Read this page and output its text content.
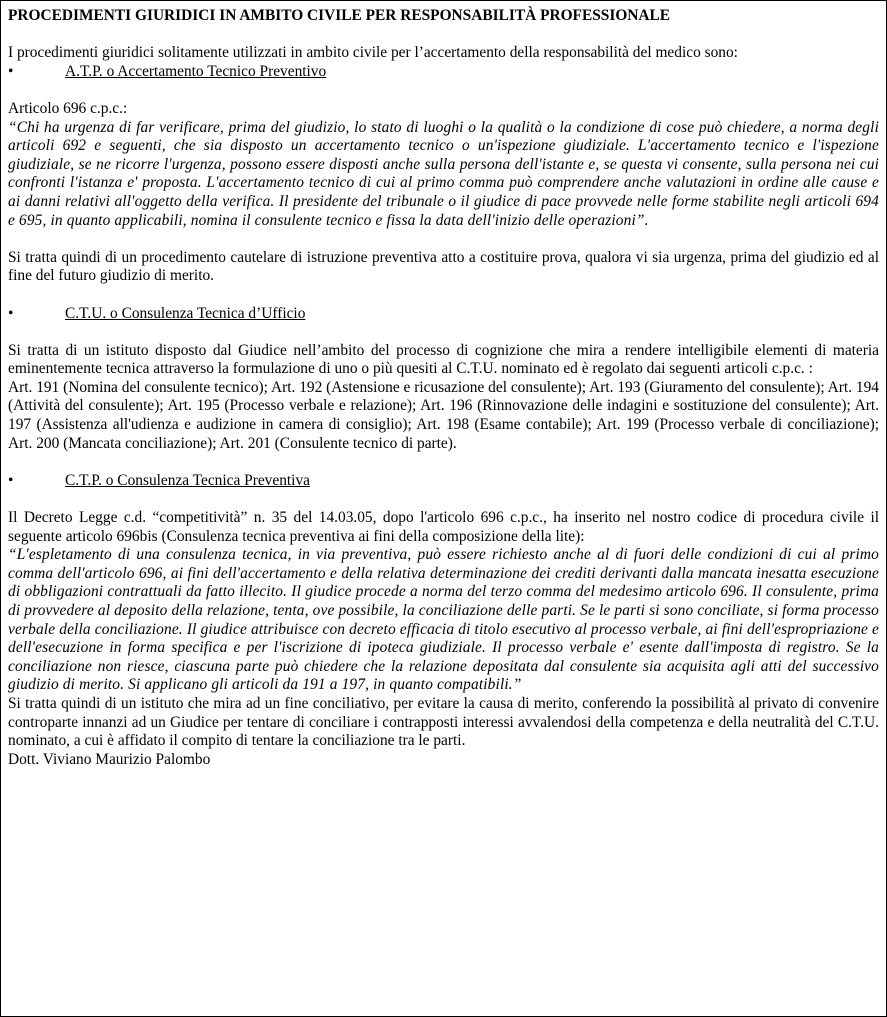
PROCEDIMENTI GIURIDICI IN AMBITO CIVILE PER RESPONSABILITÀ PROFESSIONALE

I procedimenti giuridici solitamente utilizzati in ambito civile per l’accertamento della responsabilità del medico sono:

•	A.T.P. o Accertamento Tecnico Preventivo

Articolo 696 c.p.c.:

“Chi ha urgenza di far verificare, prima del giudizio, lo stato di luoghi o la qualità o la condizione di cose può chiedere, a norma degli articoli 692 e seguenti, che sia disposto un accertamento tecnico o un'ispezione giudiziale. L'accertamento tecnico e l'ispezione giudiziale, se ne ricorre l'urgenza, possono essere disposti anche sulla persona dell'istante e, se questa vi consente, sulla persona nei cui confronti l'istanza e' proposta. L'accertamento tecnico di cui al primo comma può comprendere anche valutazioni in ordine alle cause e ai danni relativi all'oggetto della verifica. Il presidente del tribunale o il giudice di pace provvede nelle forme stabilite negli articoli 694 e 695, in quanto applicabili, nomina il consulente tecnico e fissa la data dell'inizio delle operazioni”.

Si tratta quindi di un procedimento cautelare di istruzione preventiva atto a costituire prova, qualora vi sia urgenza, prima del giudizio ed al fine del futuro giudizio di merito.

•	C.T.U. o Consulenza Tecnica d’Ufficio

Si tratta di un istituto disposto dal Giudice nell’ambito del processo di cognizione che mira a rendere intelligibile elementi di materia eminentemente tecnica attraverso la formulazione di uno o più quesiti al C.T.U. nominato ed è regolato dai seguenti articoli c.p.c. :

Art. 191 (Nomina del consulente tecnico); Art. 192 (Astensione e ricusazione del consulente); Art. 193 (Giuramento del consulente); Art. 194 (Attività del consulente); Art. 195 (Processo verbale e relazione); Art. 196 (Rinnovazione delle indagini e sostituzione del consulente); Art. 197 (Assistenza all'udienza e audizione in camera di consiglio); Art. 198 (Esame contabile); Art. 199 (Processo verbale di conciliazione); Art. 200 (Mancata conciliazione); Art. 201 (Consulente tecnico di parte).

•	C.T.P. o Consulenza Tecnica Preventiva

Il Decreto Legge c.d. “competitività” n. 35 del 14.03.05, dopo l'articolo 696 c.p.c., ha inserito nel nostro codice di procedura civile il seguente articolo 696bis (Consulenza tecnica preventiva ai fini della composizione della lite):

“L'espletamento di una consulenza tecnica, in via preventiva, può essere richiesto anche al di fuori delle condizioni di cui al primo comma dell'articolo 696, ai fini dell'accertamento e della relativa determinazione dei crediti derivanti dalla mancata inesatta esecuzione di obbligazioni contrattuali da fatto illecito. Il giudice procede a norma del terzo comma del medesimo articolo 696. Il consulente, prima di provvedere al deposito della relazione, tenta, ove possibile, la conciliazione delle parti. Se le parti si sono conciliate, si forma processo verbale della conciliazione. Il giudice attribuisce con decreto efficacia di titolo esecutivo al processo verbale, ai fini dell'espropriazione e dell'esecuzione in forma specifica e per l'iscrizione di ipoteca giudiziale. Il processo verbale e' esente dall'imposta di registro. Se la conciliazione non riesce, ciascuna parte può chiedere che la relazione depositata dal consulente sia acquisita agli atti del successivo giudizio di merito. Si applicano gli articoli da 191 a 197, in quanto compatibili.”

Si tratta quindi di un istituto che mira ad un fine conciliativo, per evitare la causa di merito, conferendo la possibilità al privato di convenire controparte innanzi ad un Giudice per tentare di conciliare i contrapposti interessi avvalendosi della competenza e della neutralità del C.T.U. nominato, a cui è affidato il compito di tentare la conciliazione tra le parti.

Dott. Viviano Maurizio Palombo
